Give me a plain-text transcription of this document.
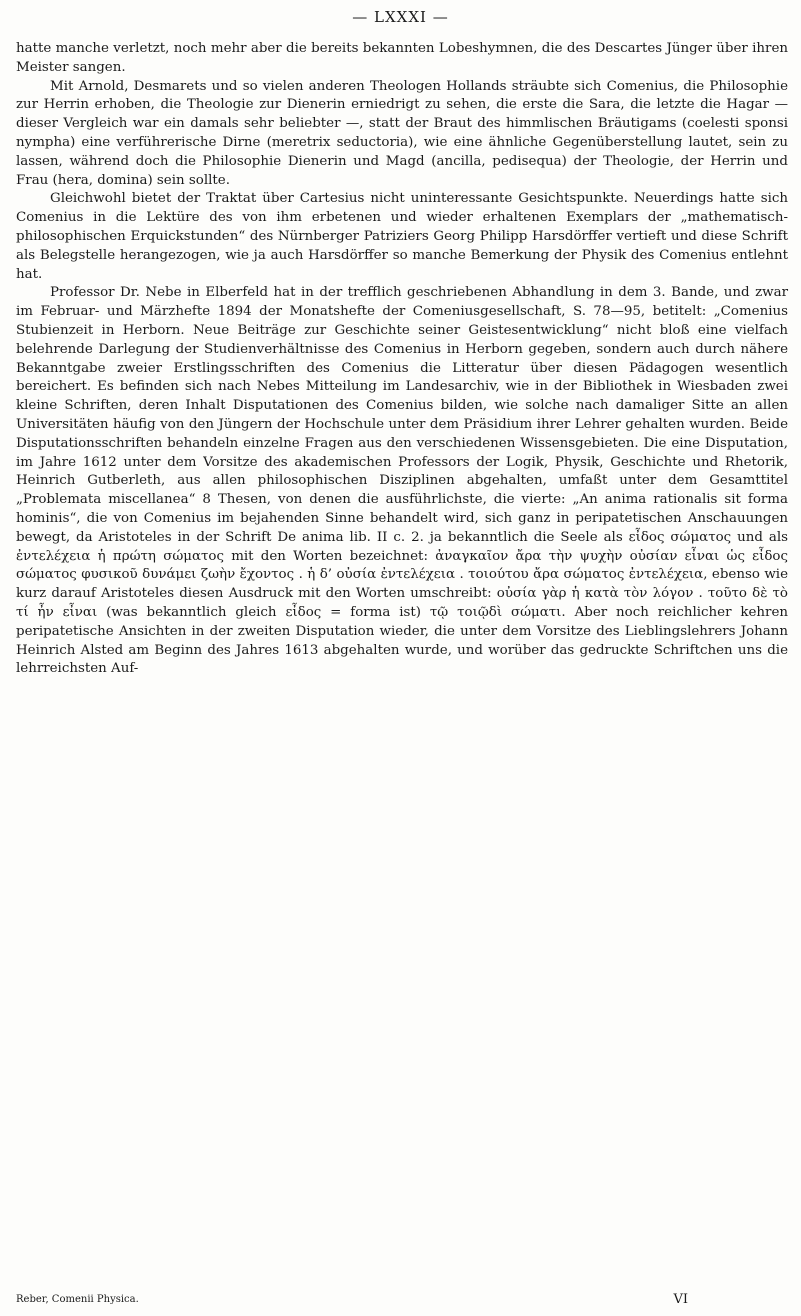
— LXXXI —

hatte manche verletzt, noch mehr aber die bereits bekannten Lobeshymnen, die des Descartes Jünger über ihren Meister sangen.

Mit Arnold, Desmarets und so vielen anderen Theologen Hollands sträubte sich Comenius, die Philosophie zur Herrin erhoben, die Theologie zur Dienerin erniedrigt zu sehen, die erste die Sara, die letzte die Hagar — dieser Vergleich war ein damals sehr beliebter —, statt der Braut des himmlischen Bräutigams (coelesti sponsi nympha) eine verführerische Dirne (meretrix seductoria), wie eine ähnliche Gegenüberstellung lautet, sein zu lassen, während doch die Philosophie Dienerin und Magd (ancilla, pedisequa) der Theologie, der Herrin und Frau (hera, domina) sein sollte.

Gleichwohl bietet der Traktat über Cartesius nicht uninteressante Gesichtspunkte. Neuerdings hatte sich Comenius in die Lektüre des von ihm erbetenen und wieder erhaltenen Exemplars der „mathematisch-philosophischen Erquickstunden“ des Nürnberger Patriziers Georg Philipp Harsdörffer vertieft und diese Schrift als Belegstelle herangezogen, wie ja auch Harsdörffer so manche Bemerkung der Physik des Comenius entlehnt hat.

Professor Dr. Nebe in Elberfeld hat in der trefflich geschriebenen Abhandlung in dem 3. Bande, und zwar im Februar- und Märzhefte 1894 der Monatshefte der Comeniusgesellschaft, S. 78—95, betitelt: „Comenius Stubienzeit in Herborn. Neue Beiträge zur Geschichte seiner Geistesentwicklung“ nicht bloß eine vielfach belehrende Darlegung der Studienverhältnisse des Comenius in Herborn gegeben, sondern auch durch nähere Bekanntgabe zweier Erstlingsschriften des Comenius die Litteratur über diesen Pädagogen wesentlich bereichert. Es befinden sich nach Nebes Mitteilung im Landesarchiv, wie in der Bibliothek in Wiesbaden zwei kleine Schriften, deren Inhalt Disputationen des Comenius bilden, wie solche nach damaliger Sitte an allen Universitäten häufig von den Jüngern der Hochschule unter dem Präsidium ihrer Lehrer gehalten wurden. Beide Disputationsschriften behandeln einzelne Fragen aus den verschiedenen Wissensgebieten. Die eine Disputation, im Jahre 1612 unter dem Vorsitze des akademischen Professors der Logik, Physik, Geschichte und Rhetorik, Heinrich Gutberleth, aus allen philosophischen Disziplinen abgehalten, umfaßt unter dem Gesamttitel „Problemata miscellanea“ 8 Thesen, von denen die ausführlichste, die vierte: „An anima rationalis sit forma hominis“, die von Comenius im bejahenden Sinne behandelt wird, sich ganz in peripatetischen Anschauungen bewegt, da Aristoteles in der Schrift De anima lib. II c. 2. ja bekanntlich die Seele als εἶδος σώματος und als ἐντελέχεια ἡ πρώτη σώματος mit den Worten bezeichnet: ἀναγκαῖον ἄρα τὴν ψυχὴν οὐσίαν εἶναι ὡς εἶδος σώματος φυσικοῦ δυνάμει ζωὴν ἔχοντος . ἡ δ’ οὐσία ἐντελέχεια . τοιούτου ἄρα σώματος ἐντελέχεια, ebenso wie kurz darauf Aristoteles diesen Ausdruck mit den Worten umschreibt: οὐσία γὰρ ἡ κατὰ τὸν λόγον . τοῦτο δὲ τὸ τί ἦν εἶναι (was bekanntlich gleich εἶδος = forma ist) τῷ τοιῷδὶ σώματι. Aber noch reichlicher kehren peripatetische Ansichten in der zweiten Disputation wieder, die unter dem Vorsitze des Lieblingslehrers Johann Heinrich Alsted am Beginn des Jahres 1613 abgehalten wurde, und worüber das gedruckte Schriftchen uns die lehrreichsten Auf-

Reber, Comenii Physica.	VI
